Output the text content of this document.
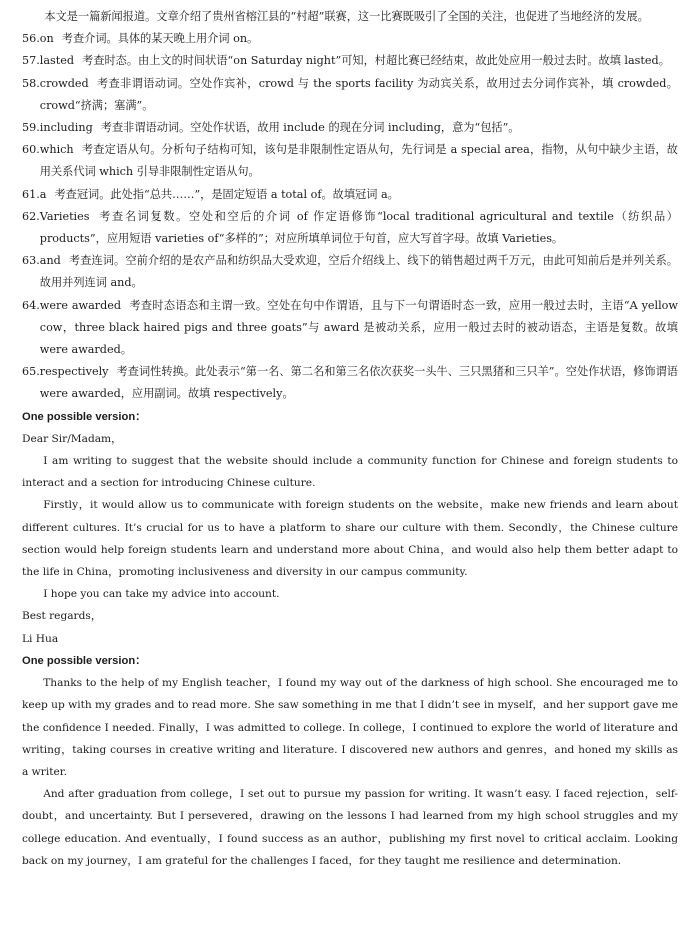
本文是一篇新闻报道。文章介绍了贵州省榕江县的“村超”联赛，这一比赛既吸引了全国的关注，也促进了当地经济的发展。

56. on 考查介词。具体的某天晚上用介词 on。
57. lasted 考查时态。由上文的时间状语“on Saturday night”可知，村超比赛已经结束，故此处应用一般过去时。故填 lasted。
58. crowded 考查非谓语动词。空处作宾补，crowd 与 the sports facility 为动宾关系，故用过去分词作宾补，填 crowded。crowd“挤满；塞满”。
59. including 考查非谓语动词。空处作状语，故用 include 的现在分词 including，意为“包括”。
60. which 考查定语从句。分析句子结构可知，该句是非限制性定语从句，先行词是 a special area，指物，从句中缺少主语，故用关系代词 which 引导非限制性定语从句。
61. a 考查冠词。此处指“总共……”，是固定短语 a total of。故填冠词 a。
62. Varieties 考查名词复数。空处和空后的介词 of 作定语修饰“local traditional agricultural and textile（纺织品）products”，应用短语 varieties of“多样的”；对应所填单词位于句首，应大写首字母。故填 Varieties。
63. and 考查连词。空前介绍的是农产品和纺织品大受欢迎，空后介绍线上、线下的销售超过两千万元，由此可知前后是并列关系。故用并列连词 and。
64. were awarded 考查时态语态和主谓一致。空处在句中作谓语，且与下一句谓语时态一致，应用一般过去时，主语“A yellow cow，three black haired pigs and three goats”与 award 是被动关系，应用一般过去时的被动语态，主语是复数。故填 were awarded。
65. respectively 考查词性转换。此处表示“第一名、第二名和第三名依次获奖一头牛、三只黑猪和三只羊”。空处作状语，修饰谓语 were awarded，应用副词。故填 respectively。

One possible version：

Dear Sir/Madam，

I am writing to suggest that the website should include a community function for Chinese and foreign students to interact and a section for introducing Chinese culture.

Firstly，it would allow us to communicate with foreign students on the website，make new friends and learn about different cultures. It’s crucial for us to have a platform to share our culture with them. Secondly，the Chinese culture section would help foreign students learn and understand more about China，and would also help them better adapt to the life in China，promoting inclusiveness and diversity in our campus community.

I hope you can take my advice into account.

Best regards，

Li Hua

One possible version：

Thanks to the help of my English teacher，I found my way out of the darkness of high school. She encouraged me to keep up with my grades and to read more. She saw something in me that I didn’t see in myself，and her support gave me the confidence I needed. Finally，I was admitted to college. In college，I continued to explore the world of literature and writing，taking courses in creative writing and literature. I discovered new authors and genres，and honed my skills as a writer.

And after graduation from college，I set out to pursue my passion for writing. It wasn’t easy. I faced rejection，self-doubt，and uncertainty. But I persevered，drawing on the lessons I had learned from my high school struggles and my college education. And eventually，I found success as an author，publishing my first novel to critical acclaim. Looking back on my journey，I am grateful for the challenges I faced，for they taught me resilience and determination.
